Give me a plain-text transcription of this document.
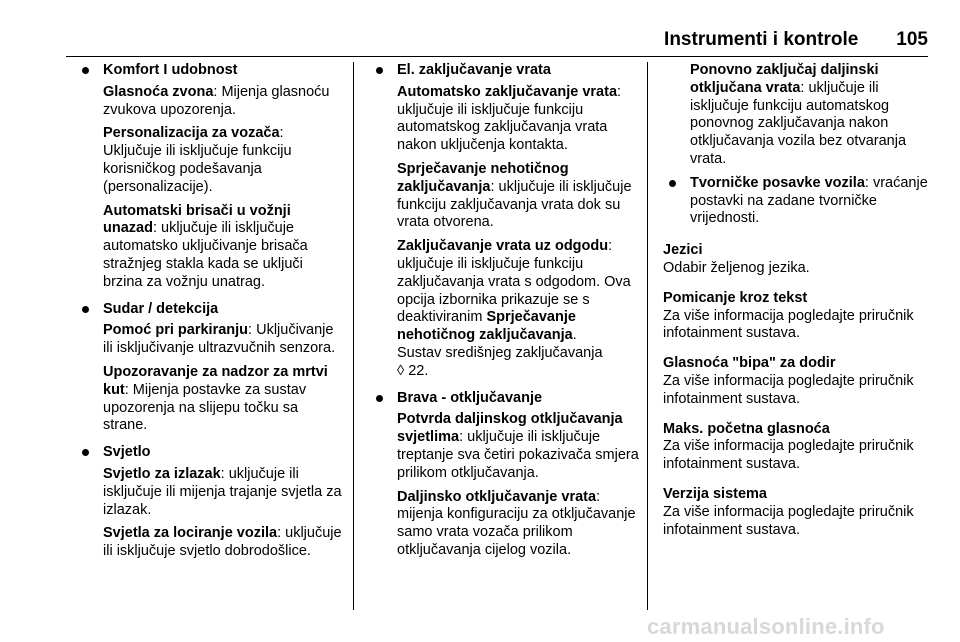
Instrumenti i kontrole 105
Komfort I udobnost
Glasnoća zvona: Mijenja glasnoću zvukova upozorenja.
Personalizacija za vozača: Uključuje ili isključuje funkciju korisničkog podešavanja (personalizacije).
Automatski brisači u vožnji unazad: uključuje ili isključuje automatsko uključivanje brisača stražnjeg stakla kada se uključi brzina za vožnju unatrag.
Sudar / detekcija
Pomoć pri parkiranju: Uključivanje ili isključivanje ultrazvučnih senzora.
Upozoravanje za nadzor za mrtvi kut: Mijenja postavke za sustav upozorenja na slijepu točku sa strane.
Svjetlo
Svjetlo za izlazak: uključuje ili isključuje ili mijenja trajanje svjetla za izlazak.
Svjetla za lociranje vozila: uključuje ili isključuje svjetlo dobrodošlice.
El. zaključavanje vrata
Automatsko zaključavanje vrata: uključuje ili isključuje funkciju automatskog zaključavanja vrata nakon uključenja kontakta.
Sprječavanje nehotičnog zaključavanja: uključuje ili isključuje funkciju zaključavanja vrata dok su vrata otvorena.
Zaključavanje vrata uz odgodu: uključuje ili isključuje funkciju zaključavanja vrata s odgodom. Ova opcija izbornika prikazuje se s deaktiviranim Sprječavanje nehotičnog zaključavanja.
Sustav središnjeg zaključavanja
◊ 22.
Brava - otključavanje
Potvrda daljinskog otključavanja svjetlima: uključuje ili isključuje treptanje sva četiri pokazivača smjera prilikom otključavanja.
Daljinsko otključavanje vrata: mijenja konfiguraciju za otključavanje samo vrata vozača prilikom otključavanja cijelog vozila.
Ponovno zaključaj daljinski otključana vrata: uključuje ili isključuje funkciju automatskog ponovnog zaključavanja nakon otključavanja vozila bez otvaranja vrata.
Tvorničke posavke vozila: vraćanje postavki na zadane tvorničke vrijednosti.
Jezici
Odabir željenog jezika.
Pomicanje kroz tekst
Za više informacija pogledajte priručnik infotainment sustava.
Glasnoća "bipa" za dodir
Za više informacija pogledajte priručnik infotainment sustava.
Maks. početna glasnoća
Za više informacija pogledajte priručnik infotainment sustava.
Verzija sistema
Za više informacija pogledajte priručnik infotainment sustava.
carmanualsonline.info
